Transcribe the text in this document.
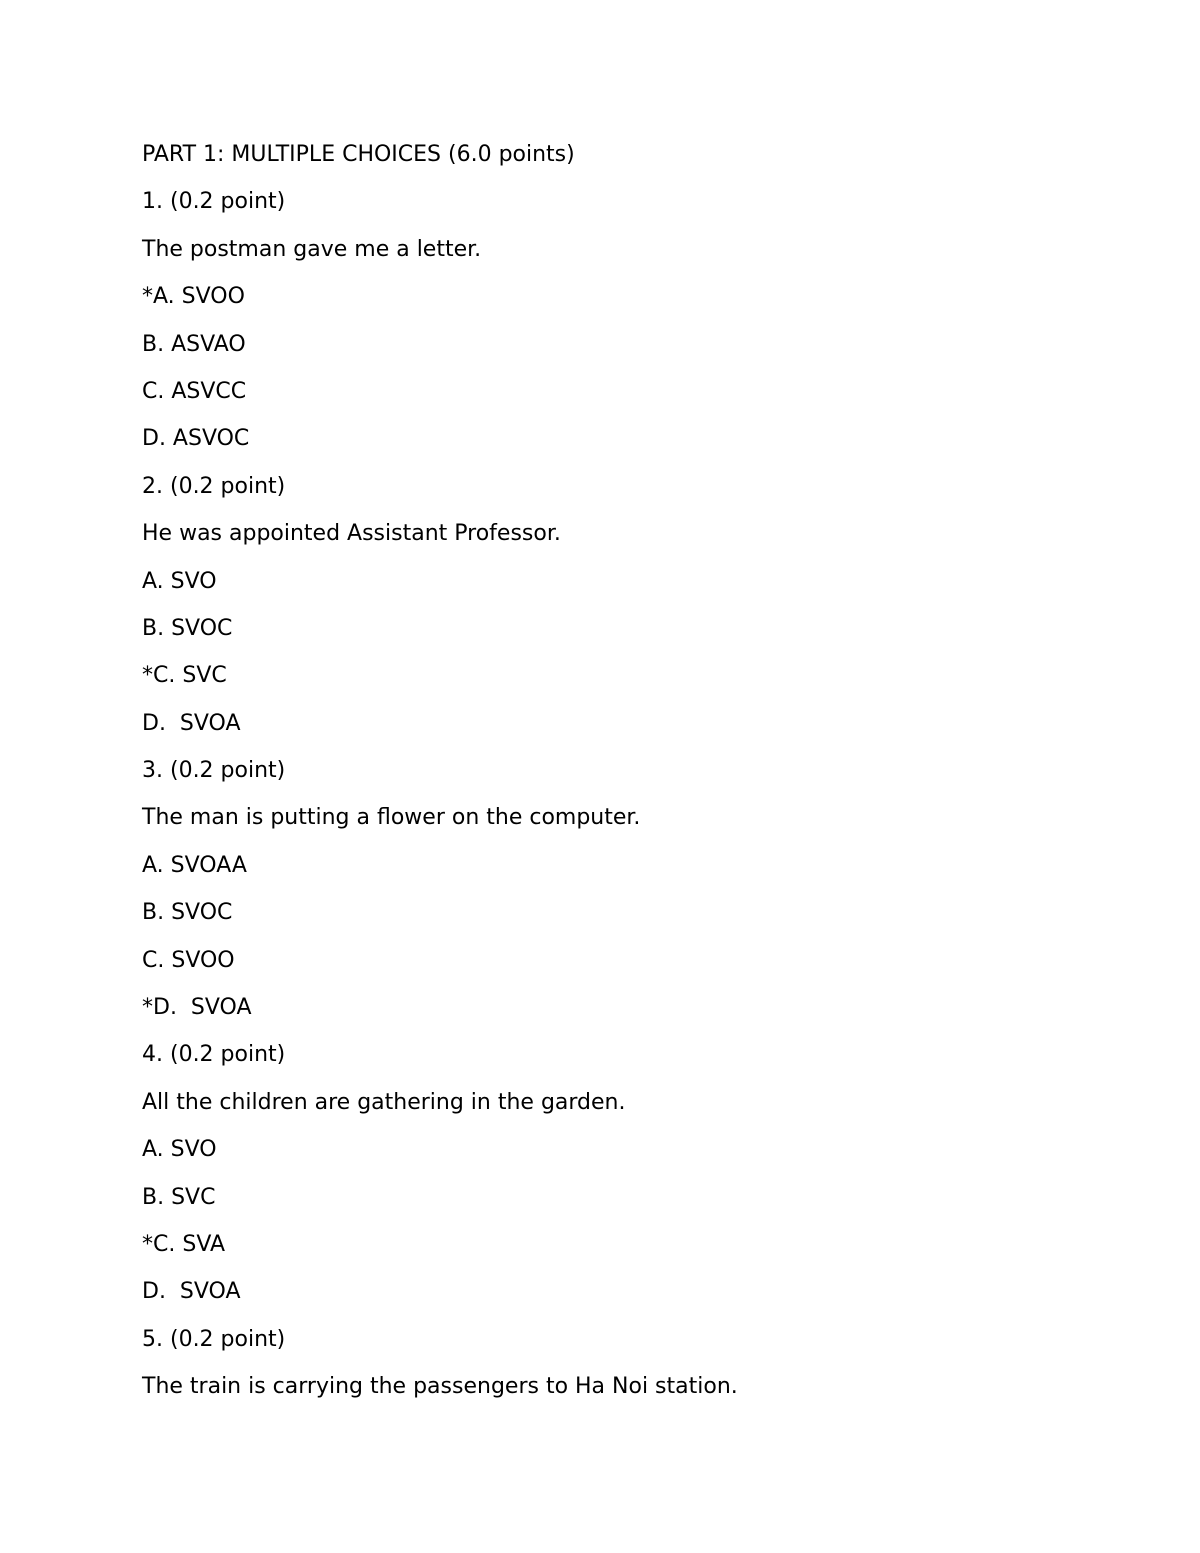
PART 1: MULTIPLE CHOICES (6.0 points)
1. (0.2 point)
The postman gave me a letter.
*A. SVOO
B. ASVAO
C. ASVCC
D. ASVOC
2. (0.2 point)
He was appointed Assistant Professor.
A. SVO
B. SVOC
*C. SVC
D.  SVOA
3. (0.2 point)
The man is putting a flower on the computer.
A. SVOAA
B. SVOC
C. SVOO
*D.  SVOA
4. (0.2 point)
All the children are gathering in the garden.
A. SVO
B. SVC
*C. SVA
D.  SVOA
5. (0.2 point)
The train is carrying the passengers to Ha Noi station.
